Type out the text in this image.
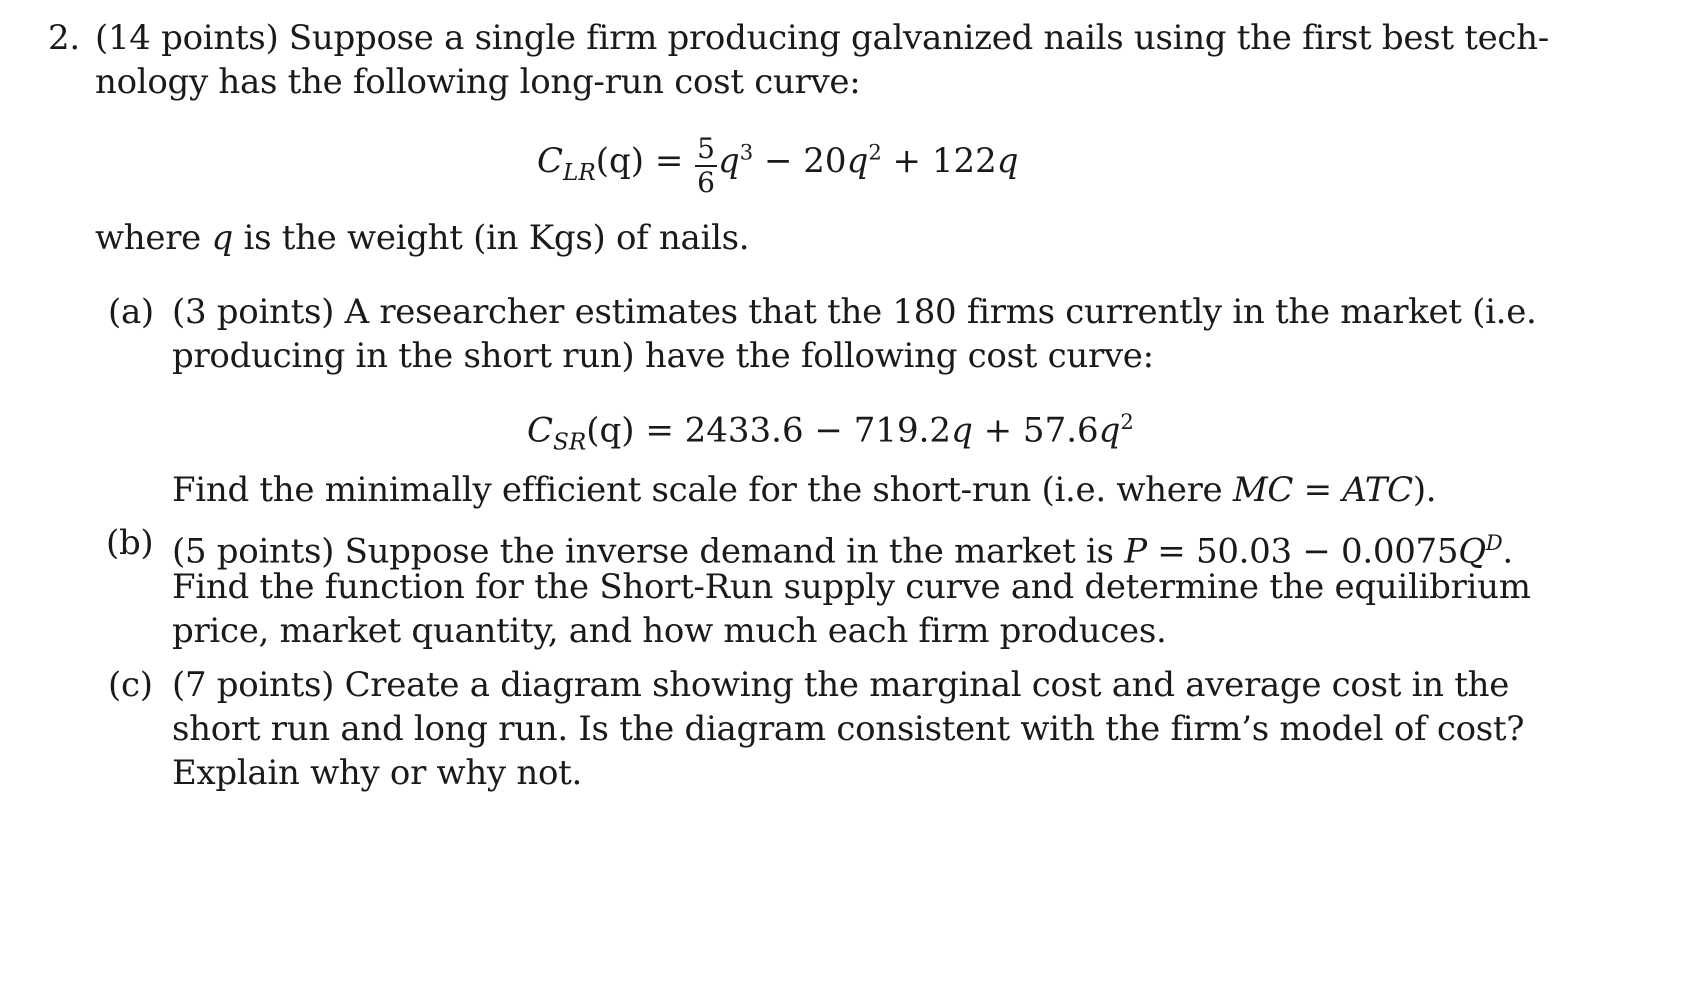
2. (14 points) Suppose a single firm producing galvanized nails using the first best tech-
nology has the following long-run cost curve:
$C_{LR}(q) = \frac{5}{6} q^3 - 20q^2 + 122q$
where q is the weight (in Kgs) of nails.
(a) (3 points) A researcher estimates that the 180 firms currently in the market (i.e.
producing in the short run) have the following cost curve:
$C_{SR}(q) = 2433.6 - 719.2q + 57.6q^2$
Find the minimally efficient scale for the short-run (i.e. where MC = ATC).
(b) (5 points) Suppose the inverse demand in the market is $P = 50.03 - 0.0075Q^D$.
Find the function for the Short-Run supply curve and determine the equilibrium
price, market quantity, and how much each firm produces.
(c) (7 points) Create a diagram showing the marginal cost and average cost in the
short run and long run. Is the diagram consistent with the firm’s model of cost?
Explain why or why not.
